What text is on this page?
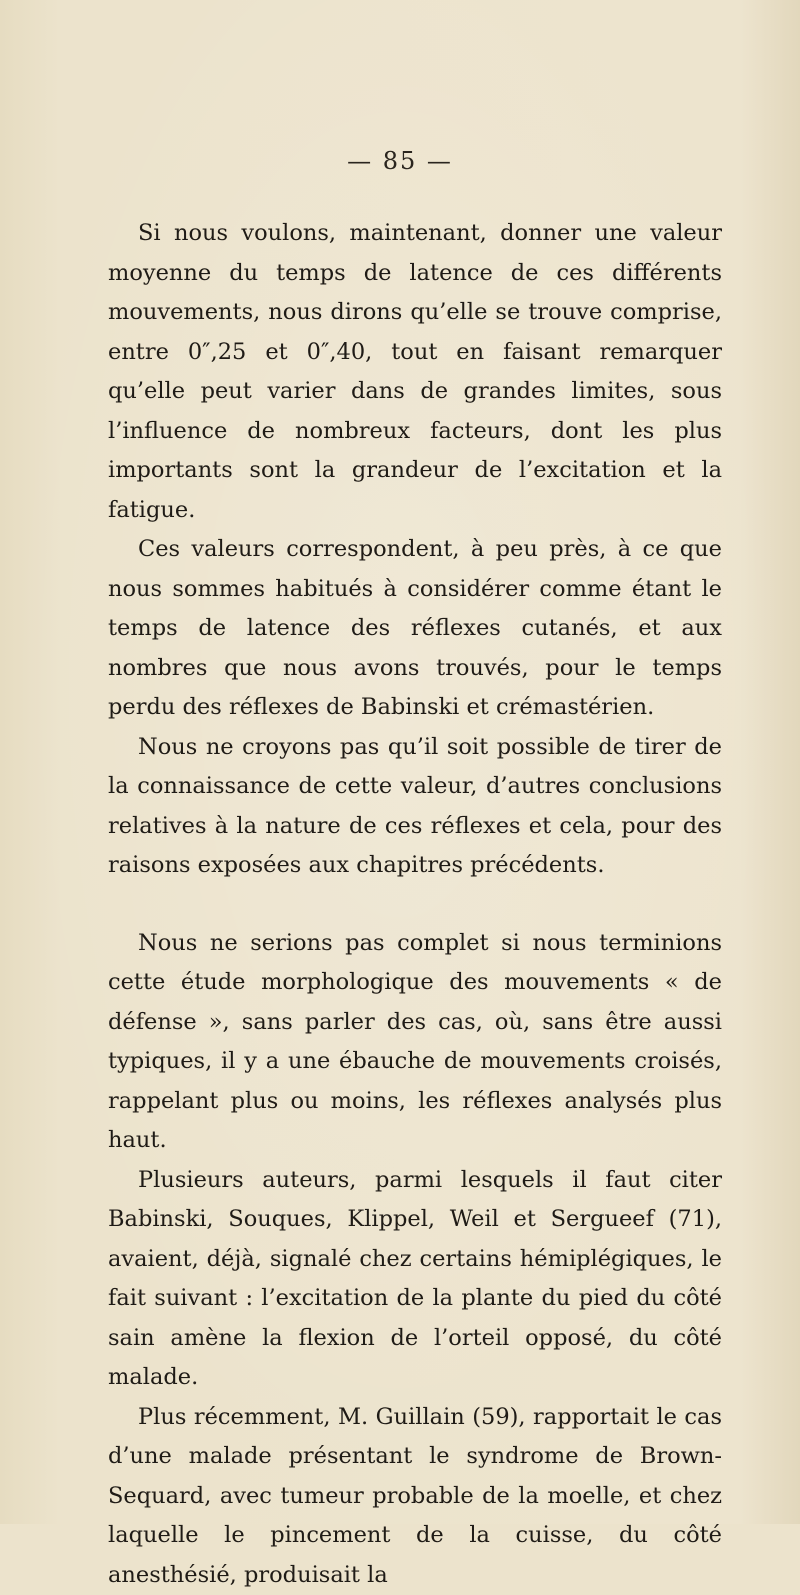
— 85 —

Si nous voulons, maintenant, donner une valeur moyenne du temps de latence de ces différents mouvements, nous dirons qu’elle se trouve comprise, entre 0″,25 et 0″,40, tout en faisant remarquer qu’elle peut varier dans de grandes limites, sous l’influence de nombreux facteurs, dont les plus importants sont la grandeur de l’excitation et la fatigue.

Ces valeurs correspondent, à peu près, à ce que nous sommes habitués à considérer comme étant le temps de latence des réflexes cutanés, et aux nombres que nous avons trouvés, pour le temps perdu des réflexes de Babinski et crémastérien.

Nous ne croyons pas qu’il soit possible de tirer de la connaissance de cette valeur, d’autres conclusions relatives à la nature de ces réflexes et cela, pour des raisons exposées aux chapitres précédents.

Nous ne serions pas complet si nous terminions cette étude morphologique des mouvements « de défense », sans parler des cas, où, sans être aussi typiques, il y a une ébauche de mouvements croisés, rappelant plus ou moins, les réflexes analysés plus haut.

Plusieurs auteurs, parmi lesquels il faut citer Babinski, Souques, Klippel, Weil et Sergueef (71), avaient, déjà, signalé chez certains hémiplégiques, le fait suivant : l’excitation de la plante du pied du côté sain amène la flexion de l’orteil opposé, du côté malade.

Plus récemment, M. Guillain (59), rapportait le cas d’une malade présentant le syndrome de Brown-Sequard, avec tumeur probable de la moelle, et chez laquelle le pincement de la cuisse, du côté anesthésié, produisait la
